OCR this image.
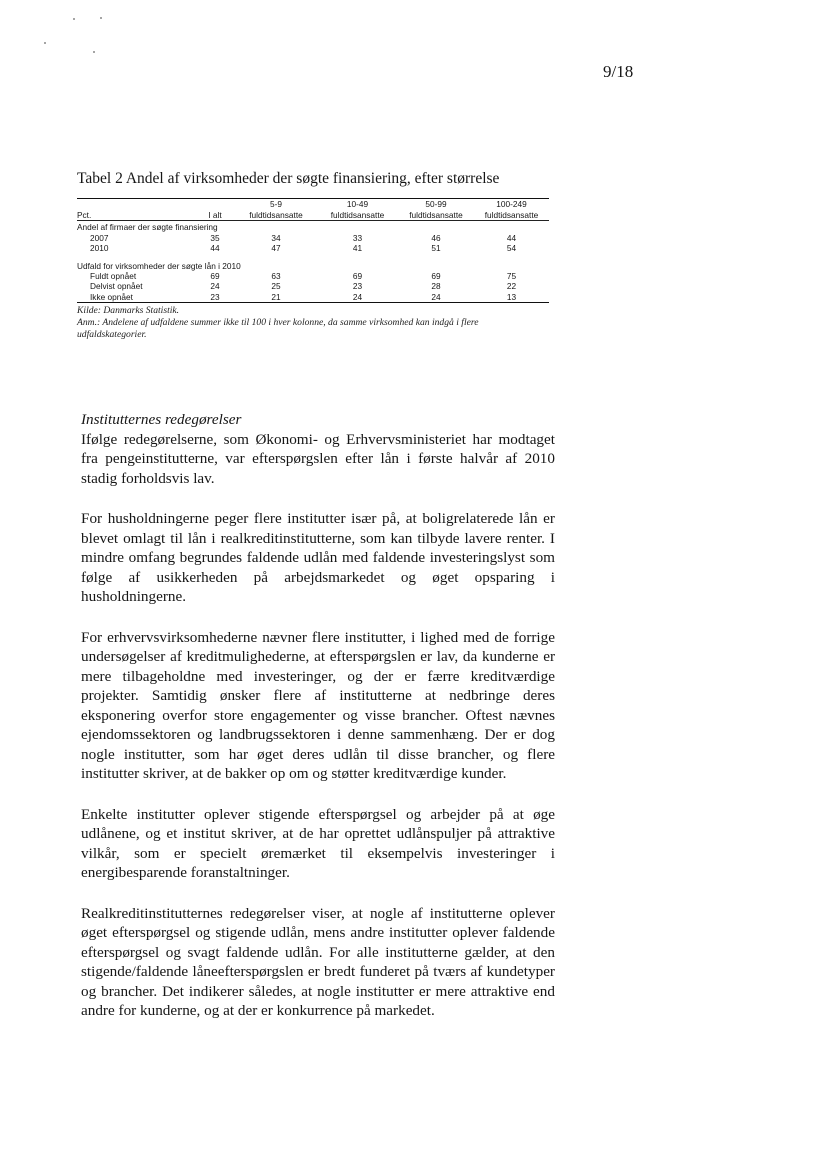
9/18
Tabel 2 Andel af virksomheder der søgte finansiering, efter størrelse
		5-9	10-49	50-99	100-249
Pct.	I alt	fuldtidsansatte	fuldtidsansatte	fuldtidsansatte	fuldtidsansatte

Andel af firmaer der søgte finansiering					
2007	35	34	33	46	44
2010	44	47	41	51	54

Udfald for virksomheder der søgte lån i 2010					
Fuldt opnået	69	63	69	69	75
Delvist opnået	24	25	23	28	22
Ikke opnået	23	21	24	24	13
Kilde: Danmarks Statistik.
Anm.: Andelene af udfaldene summer ikke til 100 i hver kolonne, da samme virksomhed kan indgå i flere udfaldskategorier.
Institutternes redegørelser

Ifølge redegørelserne, som Økonomi- og Erhvervsministeriet har modtaget fra pengeinstitutterne, var efterspørgslen efter lån i første halvår af 2010 stadig forholdsvis lav.

For husholdningerne peger flere institutter især på, at boligrelaterede lån er blevet omlagt til lån i realkreditinstitutterne, som kan tilbyde lavere renter. I mindre omfang begrundes faldende udlån med faldende investeringslyst som følge af usikkerheden på arbejdsmarkedet og øget opsparing i husholdningerne.

For erhvervsvirksomhederne nævner flere institutter, i lighed med de forrige undersøgelser af kreditmulighederne, at efterspørgslen er lav, da kunderne er mere tilbageholdne med investeringer, og der er færre kreditværdige projekter. Samtidig ønsker flere af institutterne at nedbringe deres eksponering overfor store engagementer og visse brancher. Oftest nævnes ejendomssektoren og landbrugssektoren i denne sammenhæng. Der er dog nogle institutter, som har øget deres udlån til disse brancher, og flere institutter skriver, at de bakker op om og støtter kreditværdige kunder.

Enkelte institutter oplever stigende efterspørgsel og arbejder på at øge udlånene, og et institut skriver, at de har oprettet udlånspuljer på attraktive vilkår, som er specielt øremærket til eksempelvis investeringer i energibesparende foranstaltninger.

Realkreditinstitutternes redegørelser viser, at nogle af institutterne oplever øget efterspørgsel og stigende udlån, mens andre institutter oplever faldende efterspørgsel og svagt faldende udlån. For alle institutterne gælder, at den stigende/faldende låneefterspørgslen er bredt funderet på tværs af kundetyper og brancher. Det indikerer således, at nogle institutter er mere attraktive end andre for kunderne, og at der er konkurrence på markedet.
